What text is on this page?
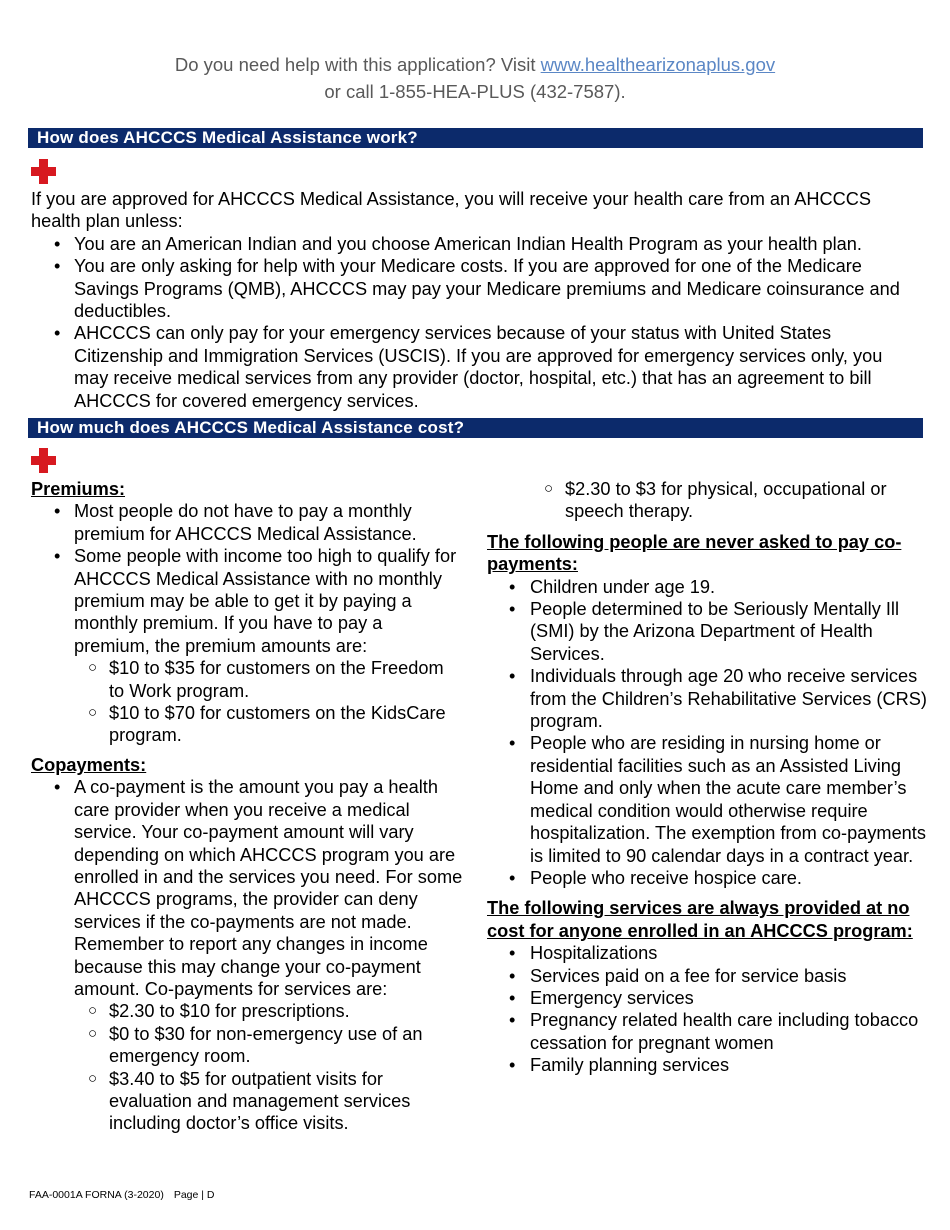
Do you need help with this application? Visit www.healthearizonaplus.gov
or call 1-855-HEA-PLUS (432-7587).
How does AHCCCS Medical Assistance work?

If you are approved for AHCCCS Medical Assistance, you will receive your health care from an AHCCCS health plan unless:

• You are an American Indian and you choose American Indian Health Program as your health plan.
• You are only asking for help with your Medicare costs. If you are approved for one of the Medicare Savings Programs (QMB), AHCCCS may pay your Medicare premiums and Medicare coinsurance and deductibles.
• AHCCCS can only pay for your emergency services because of your status with United States Citizenship and Immigration Services (USCIS). If you are approved for emergency services only, you may receive medical services from any provider (doctor, hospital, etc.) that has an agreement to bill AHCCCS for covered emergency services.
How much does AHCCCS Medical Assistance cost?
Premiums:
• Most people do not have to pay a monthly premium for AHCCCS Medical Assistance.
• Some people with income too high to qualify for AHCCCS Medical Assistance with no monthly premium may be able to get it by paying a monthly premium. If you have to pay a premium, the premium amounts are:
○ $10 to $35 for customers on the Freedom to Work program.
○ $10 to $70 for customers on the KidsCare program.
Copayments:
• A co-payment is the amount you pay a health care provider when you receive a medical service. Your co-payment amount will vary depending on which AHCCCS program you are enrolled in and the services you need. For some AHCCCS programs, the provider can deny services if the co-payments are not made. Remember to report any changes in income because this may change your co-payment amount. Co-payments for services are:
○ $2.30 to $10 for prescriptions.
○ $0 to $30 for non-emergency use of an emergency room.
○ $3.40 to $5 for outpatient visits for evaluation and management services including doctor’s office visits.
○ $2.30 to $3 for physical, occupational or speech therapy.
The following people are never asked to pay co-payments:
• Children under age 19.
• People determined to be Seriously Mentally Ill (SMI) by the Arizona Department of Health Services.
• Individuals through age 20 who receive services from the Children’s Rehabilitative Services (CRS) program.
• People who are residing in nursing home or residential facilities such as an Assisted Living Home and only when the acute care member’s medical condition would otherwise require hospitalization. The exemption from co-payments is limited to 90 calendar days in a contract year.
• People who receive hospice care.
The following services are always provided at no cost for anyone enrolled in an AHCCCS program:
• Hospitalizations
• Services paid on a fee for service basis
• Emergency services
• Pregnancy related health care including tobacco cessation for pregnant women
• Family planning services
FAA-0001A FORNA (3-2020) Page | D
